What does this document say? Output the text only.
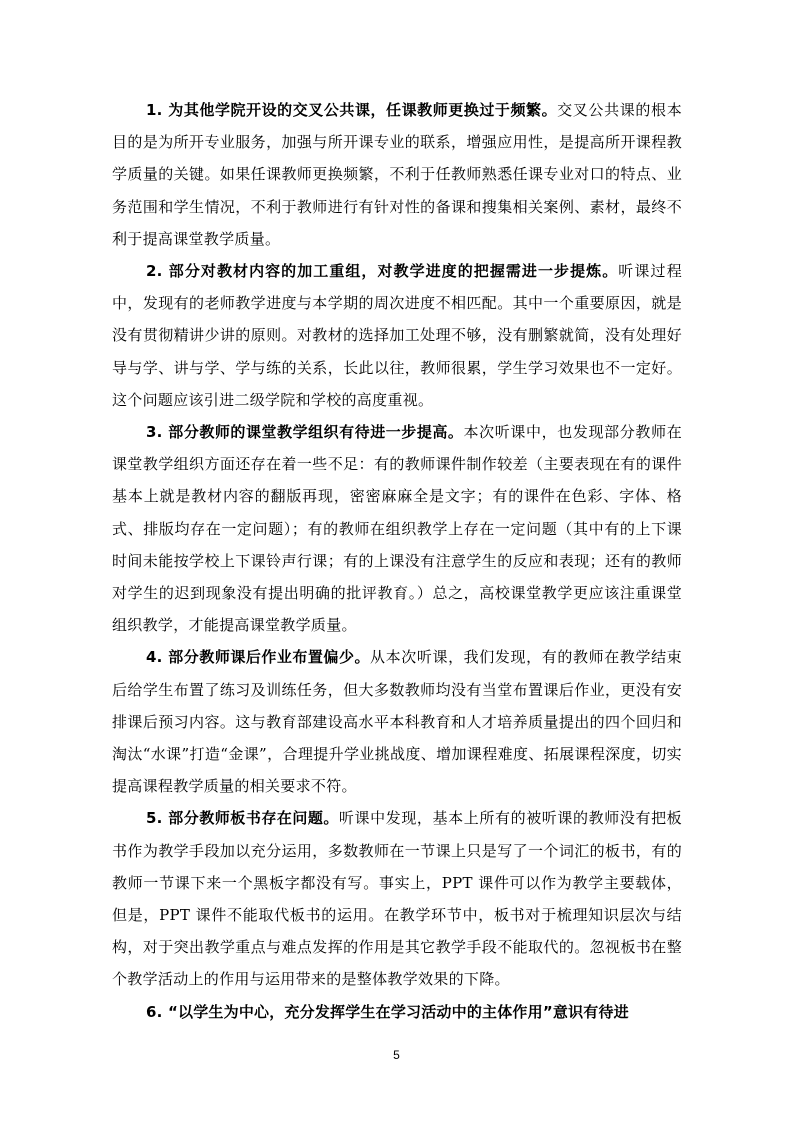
1. 为其他学院开设的交叉公共课，任课教师更换过于频繁。交叉公共课的根本目的是为所开专业服务，加强与所开课专业的联系，增强应用性，是提高所开课程教学质量的关键。如果任课教师更换频繁，不利于任教师熟悉任课专业对口的特点、业务范围和学生情况，不利于教师进行有针对性的备课和搜集相关案例、素材，最终不利于提高课堂教学质量。

2. 部分对教材内容的加工重组，对教学进度的把握需进一步提炼。听课过程中，发现有的老师教学进度与本学期的周次进度不相匹配。其中一个重要原因，就是没有贯彻精讲少讲的原则。对教材的选择加工处理不够，没有删繁就简，没有处理好导与学、讲与学、学与练的关系，长此以往，教师很累，学生学习效果也不一定好。这个问题应该引进二级学院和学校的高度重视。

3. 部分教师的课堂教学组织有待进一步提高。本次听课中，也发现部分教师在课堂教学组织方面还存在着一些不足：有的教师课件制作较差（主要表现在有的课件基本上就是教材内容的翻版再现，密密麻麻全是文字；有的课件在色彩、字体、格式、排版均存在一定问题）；有的教师在组织教学上存在一定问题（其中有的上下课时间未能按学校上下课铃声行课；有的上课没有注意学生的反应和表现；还有的教师对学生的迟到现象没有提出明确的批评教育。）总之，高校课堂教学更应该注重课堂组织教学，才能提高课堂教学质量。

4. 部分教师课后作业布置偏少。从本次听课，我们发现，有的教师在教学结束后给学生布置了练习及训练任务，但大多数教师均没有当堂布置课后作业，更没有安排课后预习内容。这与教育部建设高水平本科教育和人才培养质量提出的四个回归和淘汰“水课”打造“金课”，合理提升学业挑战度、增加课程难度、拓展课程深度，切实提高课程教学质量的相关要求不符。

5. 部分教师板书存在问题。听课中发现，基本上所有的被听课的教师没有把板书作为教学手段加以充分运用，多数教师在一节课上只是写了一个词汇的板书，有的教师一节课下来一个黑板字都没有写。事实上，PPT 课件可以作为教学主要载体，但是，PPT 课件不能取代板书的运用。在教学环节中，板书对于梳理知识层次与结构，对于突出教学重点与难点发挥的作用是其它教学手段不能取代的。忽视板书在整个教学活动上的作用与运用带来的是整体教学效果的下降。

6. “以学生为中心，充分发挥学生在学习活动中的主体作用”意识有待进

5
